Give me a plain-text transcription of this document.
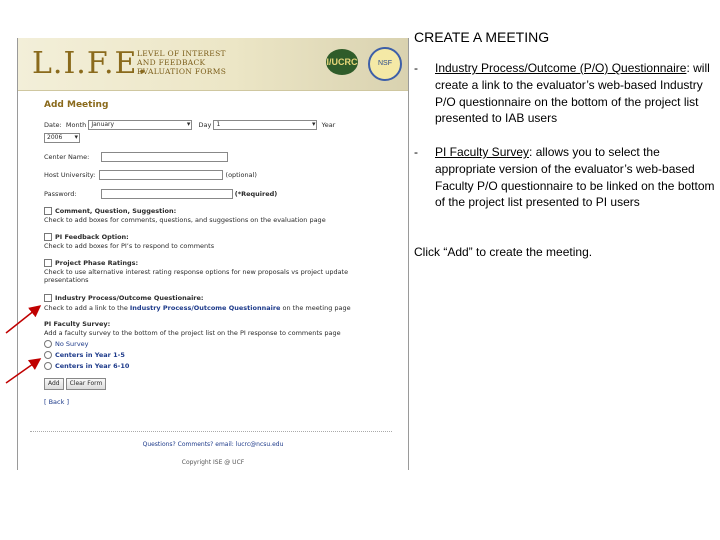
L.I.F.E.
LEVEL OF INTEREST
AND FEEDBACK
EVALUATION FORMS
I/UCRC	NSF
Add Meeting
Date: Month January ▾	Day 1 ▾	Year
2006 ▾
Center Name:
Host University:	(optional)
Password:	(*Required)
Comment, Question, Suggestion:
Check to add boxes for comments, questions, and suggestions on the evaluation page
PI Feedback Option:
Check to add boxes for PI’s to respond to comments
Project Phase Ratings:
Check to use alternative interest rating response options for new proposals vs project update presentations
Industry Process/Outcome Questionaire:
Check to add a link to the Industry Process/Outcome Questionnaire on the meeting page
PI Faculty Survey:
Add a faculty survey to the bottom of the project list on the PI response to comments page
No Survey
Centers in Year 1-5
Centers in Year 6-10
Add Clear Form
[ Back ]
Questions? Comments? email: lucrc@ncsu.edu
Copyright ISE @ UCF
CREATE A MEETING
- Industry Process/Outcome (P/O) Questionnaire: will create a link to the evaluator’s web-based Industry P/O questionnaire on the bottom of the project list presented to IAB users
- PI Faculty Survey: allows you to select the appropriate version of the evaluator’s web-based Faculty P/O questionnaire to be linked on the bottom of the project list presented to PI users
Click “Add” to create the meeting.
